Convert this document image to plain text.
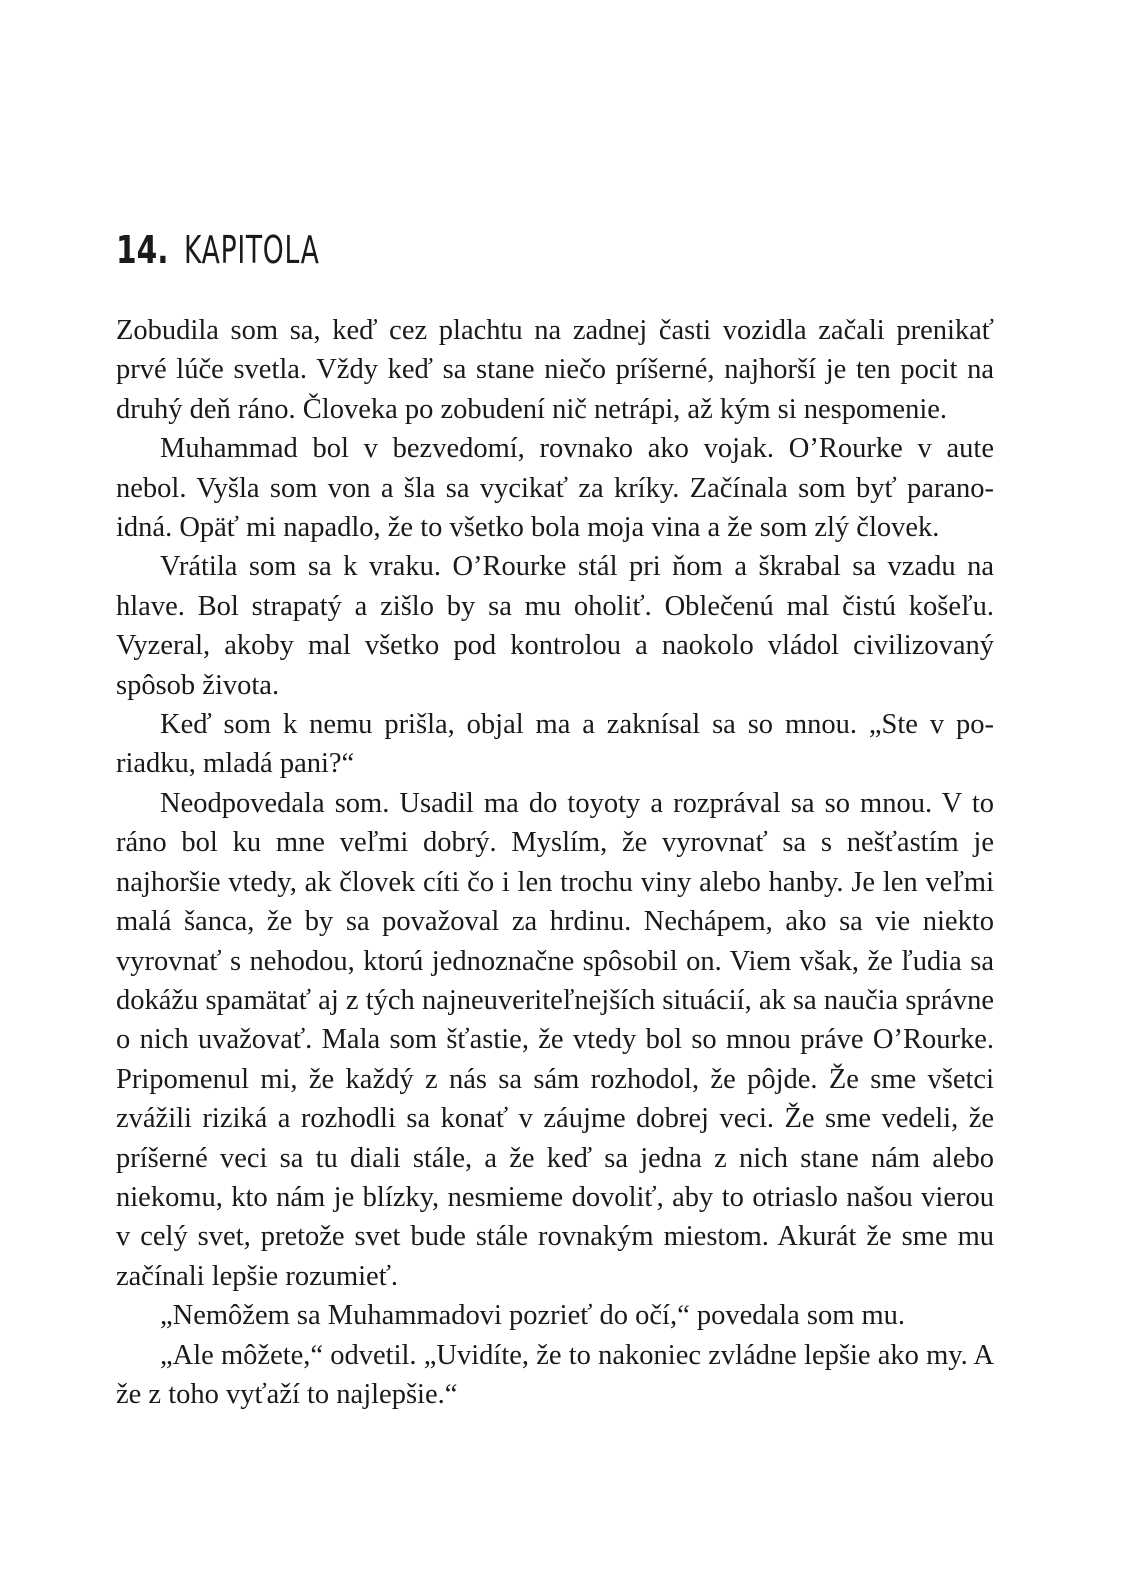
14. KAPITOLA

Zobudila som sa, keď cez plachtu na zadnej časti vozidla začali prenikať prvé lúče svetla. Vždy keď sa stane niečo príšerné, najhorší je ten pocit na druhý deň ráno. Človeka po zobudení nič netrápi, až kým si nespomenie.

Muhammad bol v bezvedomí, rovnako ako vojak. O’Rourke v aute nebol. Vyšla som von a šla sa vycikať za kríky. Začínala som byť paranoidná. Opäť mi napadlo, že to všetko bola moja vina a že som zlý človek.

Vrátila som sa k vraku. O’Rourke stál pri ňom a škrabal sa vzadu na hlave. Bol strapatý a zišlo by sa mu oholiť. Oblečenú mal čistú košeľu. Vyzeral, akoby mal všetko pod kontrolou a naokolo vládol civilizovaný spôsob života.

Keď som k nemu prišla, objal ma a zaknísal sa so mnou. „Ste v poriadku, mladá pani?“

Neodpovedala som. Usadil ma do toyoty a rozprával sa so mnou. V to ráno bol ku mne veľmi dobrý. Myslím, že vyrovnať sa s nešťastím je najhoršie vtedy, ak človek cíti čo i len trochu viny alebo hanby. Je len veľmi malá šanca, že by sa považoval za hrdinu. Nechápem, ako sa vie niekto vyrovnať s nehodou, ktorú jednoznačne spôsobil on. Viem však, že ľudia sa dokážu spamätať aj z tých najneuveriteľnejších situácií, ak sa naučia správne o nich uvažovať. Mala som šťastie, že vtedy bol so mnou práve O’Rourke. Pripomenul mi, že každý z nás sa sám rozhodol, že pôjde. Že sme všetci zvážili riziká a rozhodli sa konať v záujme dobrej veci. Že sme vedeli, že príšerné veci sa tu diali stále, a že keď sa jedna z nich stane nám alebo niekomu, kto nám je blízky, nesmieme dovoliť, aby to otriaslo našou vierou v celý svet, pretože svet bude stále rovnakým miestom. Akurát že sme mu začínali lepšie rozumieť.

„Nemôžem sa Muhammadovi pozrieť do očí,“ povedala som mu.

„Ale môžete,“ odvetil. „Uvidíte, že to nakoniec zvládne lepšie ako my. A že z toho vyťaží to najlepšie.“
